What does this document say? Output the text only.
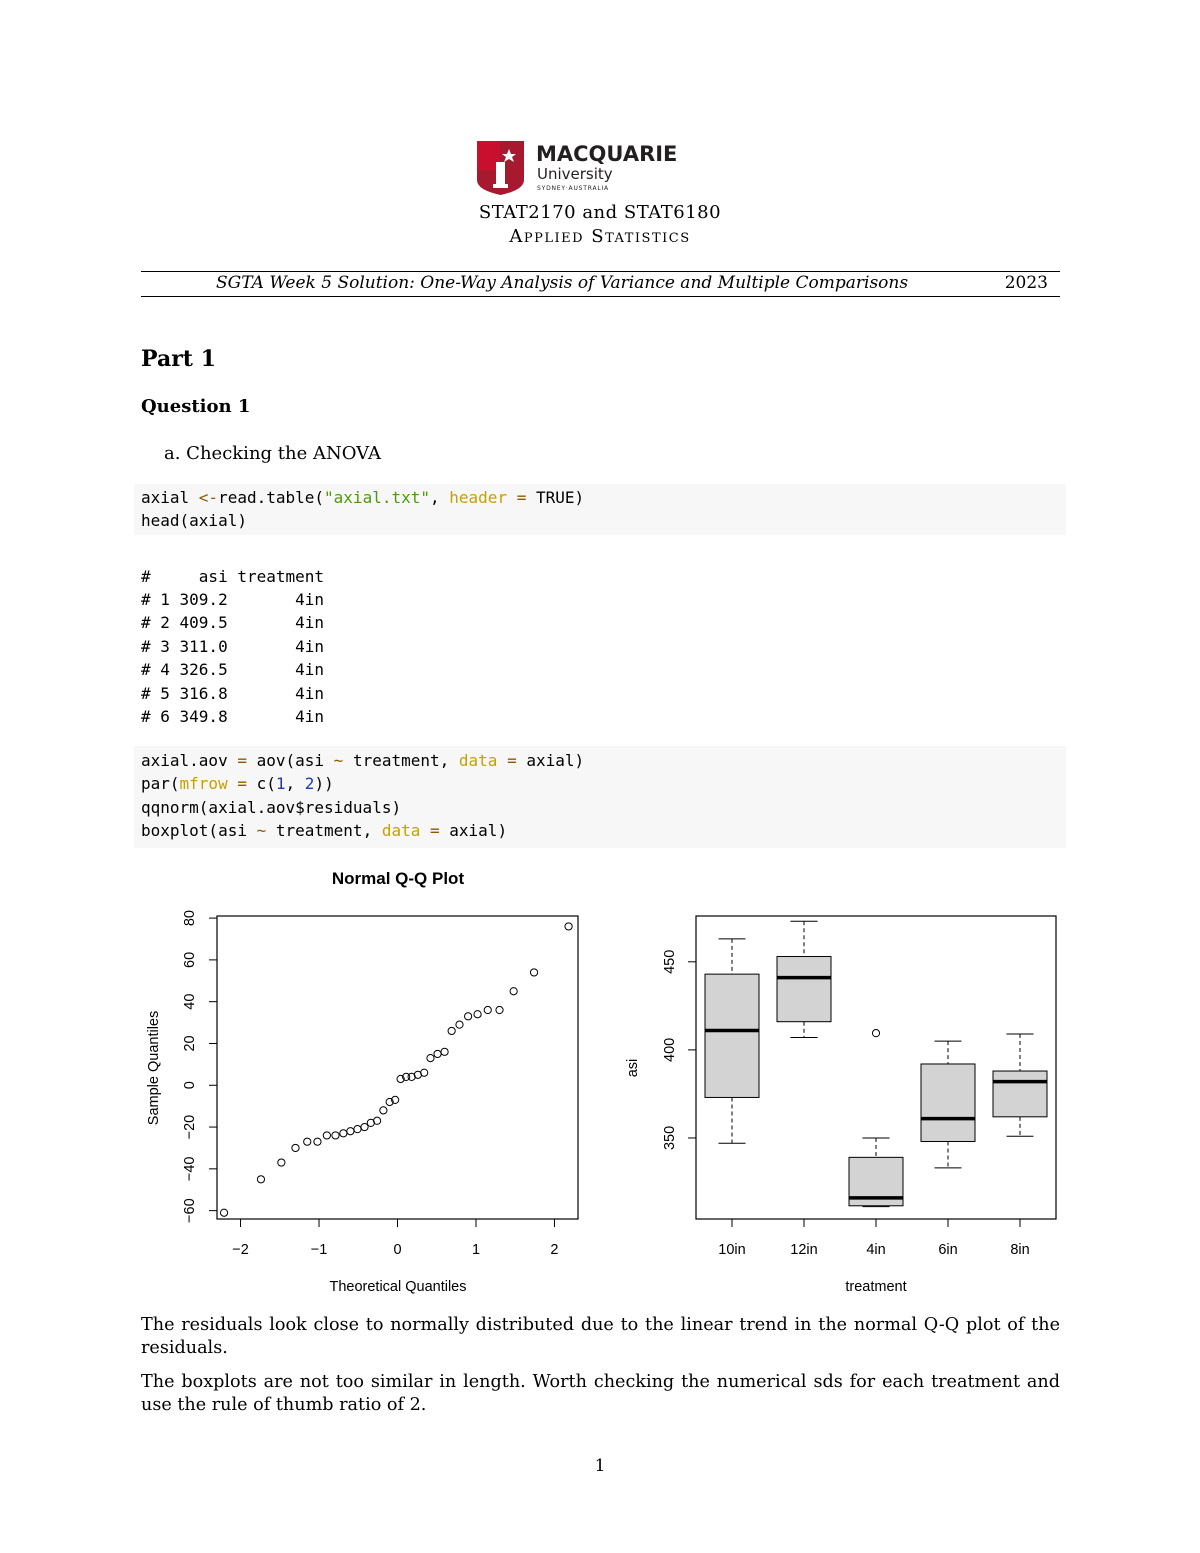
MACQUARIE
University
SYDNEY·AUSTRALIA
STAT2170 and STAT6180
Applied Statistics
SGTA Week 5 Solution: One-Way Analysis of Variance and Multiple Comparisons	2023
Part 1
Question 1
a. Checking the ANOVA
axial <-read.table("axial.txt", header = TRUE)
head(axial)
#     asi treatment
# 1 309.2       4in
# 2 409.5       4in
# 3 311.0       4in
# 4 326.5       4in
# 5 316.8       4in
# 6 349.8       4in
axial.aov = aov(asi ~ treatment, data = axial)
par(mfrow = c(1, 2))
qqnorm(axial.aov$residuals)
boxplot(asi ~ treatment, data = axial)
Normal Q-Q Plot
−2	−1	0	1	2
−60
−40
−20
0
20
40
60
80
Theoretical Quantiles
Sample Quantiles
350
400
450
10in	12in	4in	6in	8in
treatment
asi
The residuals look close to normally distributed due to the linear trend in the normal Q-Q plot of the residuals.
The boxplots are not too similar in length. Worth checking the numerical sds for each treatment and use the rule of thumb ratio of 2.
1
